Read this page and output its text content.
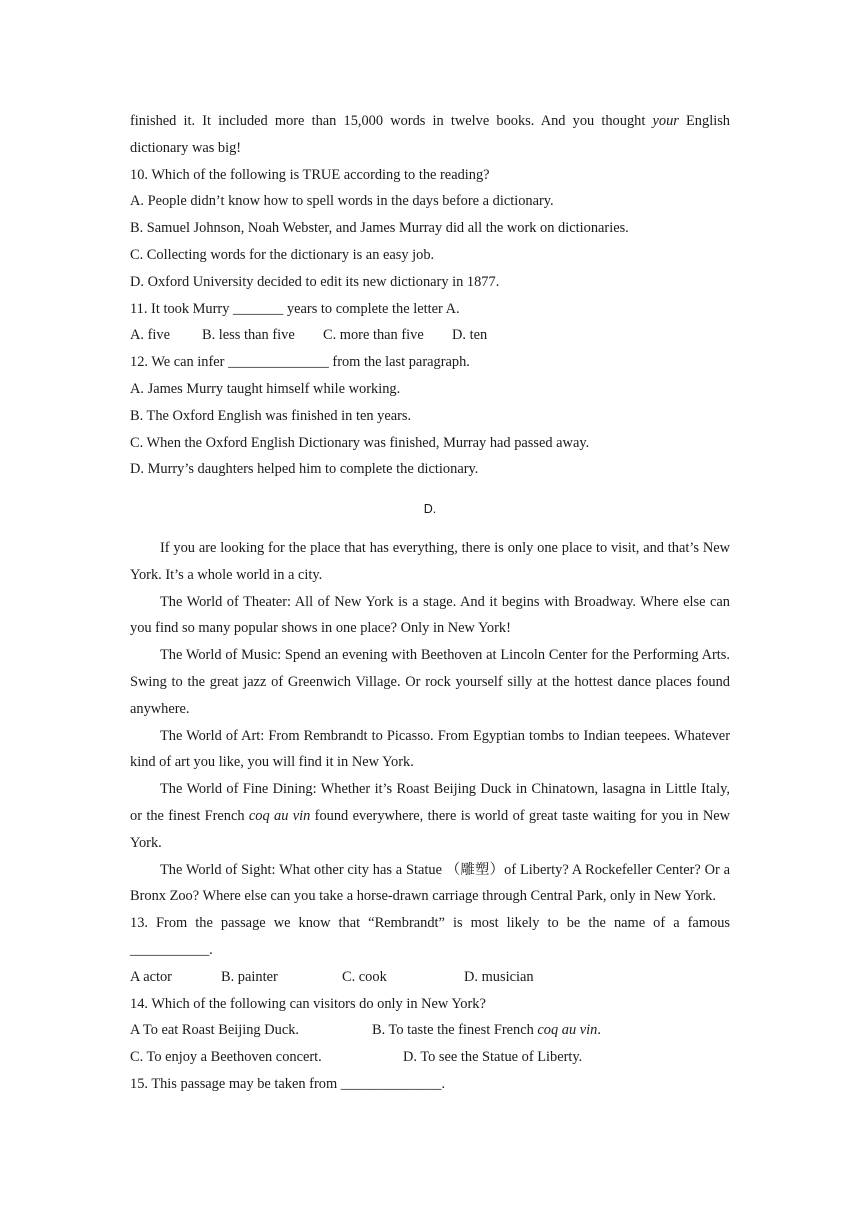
finished it. It included more than 15,000 words in twelve books. And you thought your English dictionary was big!

10. Which of the following is TRUE according to the reading?

A. People didn’t know how to spell words in the days before a dictionary.

B. Samuel Johnson, Noah Webster, and James Murray did all the work on dictionaries.

C. Collecting words for the dictionary is an easy job.

D. Oxford University decided to edit its new dictionary in 1877.

11. It took Murry _______ years to complete the letter A.

A. five	B. less than five	C. more than five	D. ten

12. We can infer ______________ from the last paragraph.

A. James Murry taught himself while working.

B. The Oxford English was finished in ten years.

C. When the Oxford English Dictionary was finished, Murray had passed away.

D. Murry’s daughters helped him to complete the dictionary.

D.

If you are looking for the place that has everything, there is only one place to visit, and that’s New York. It’s a whole world in a city.

The World of Theater: All of New York is a stage. And it begins with Broadway. Where else can you find so many popular shows in one place? Only in New York!

The World of Music: Spend an evening with Beethoven at Lincoln Center for the Performing Arts. Swing to the great jazz of Greenwich Village. Or rock yourself silly at the hottest dance places found anywhere.

The World of Art: From Rembrandt to Picasso. From Egyptian tombs to Indian teepees. Whatever kind of art you like, you will find it in New York.

The World of Fine Dining: Whether it’s Roast Beijing Duck in Chinatown, lasagna in Little Italy, or the finest French coq au vin found everywhere, there is world of great taste waiting for you in New York.

The World of Sight: What other city has a Statue （雕塑）of Liberty? A Rockefeller Center? Or a Bronx Zoo? Where else can you take a horse-drawn carriage through Central Park, only in New York.

13. From the passage we know that “Rembrandt” is most likely to be the name of a famous ___________.

A actor	B. painter	C. cook	D. musician

14. Which of the following can visitors do only in New York?

A To eat Roast Beijing Duck.	B. To taste the finest French coq au vin.
C. To enjoy a Beethoven concert.	D. To see the Statue of Liberty.

15. This passage may be taken from ______________.
